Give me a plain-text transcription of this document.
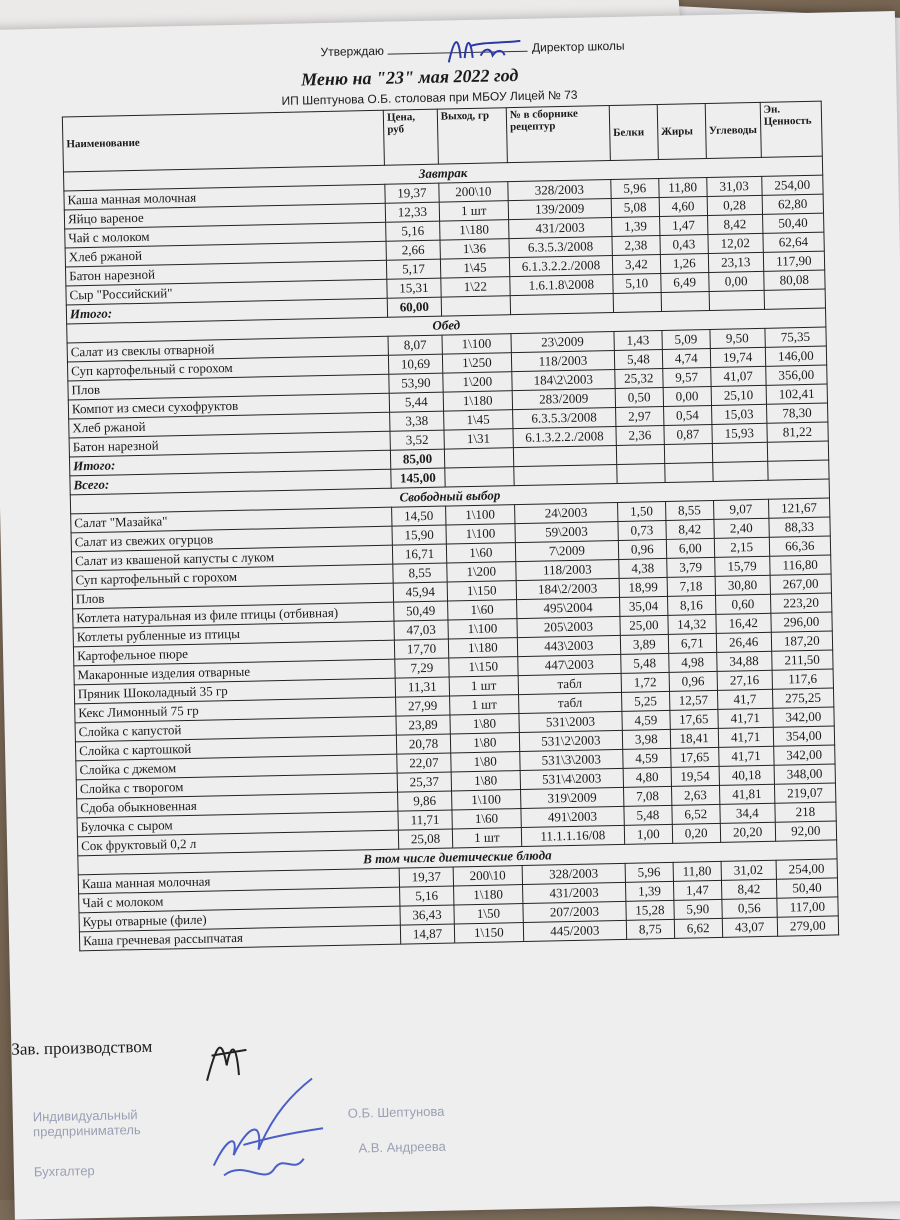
Утверждаю	Директор школы
Меню на "23" мая 2022 год
ИП Шептунова О.Б. столовая при МБОУ Лицей № 73
Наименование	Цена, руб	Выход, гр	№ в сборнике рецептур	Белки	Жиры	Углеводы	Эн. Ценность
Завтрак							
Каша манная молочная	19,37	200\10	328/2003	5,96	11,80	31,03	254,00
Яйцо вареное	12,33	1 шт	139/2009	5,08	4,60	0,28	62,80
Чай с молоком	5,16	1\180	431/2003	1,39	1,47	8,42	50,40
Хлеб ржаной	2,66	1\36	6.3.5.3/2008	2,38	0,43	12,02	62,64
Батон нарезной	5,17	1\45	6.1.3.2.2./2008	3,42	1,26	23,13	117,90
Сыр "Российский"	15,31	1\22	1.6.1.8\2008	5,10	6,49	0,00	80,08
Итого:	60,00						
Обед							
Салат из свеклы отварной	8,07	1\100	23\2009	1,43	5,09	9,50	75,35
Суп картофельный с горохом	10,69	1\250	118/2003	5,48	4,74	19,74	146,00
Плов	53,90	1\200	184\2\2003	25,32	9,57	41,07	356,00
Компот из смеси сухофруктов	5,44	1\180	283/2009	0,50	0,00	25,10	102,41
Хлеб ржаной	3,38	1\45	6.3.5.3/2008	2,97	0,54	15,03	78,30
Батон нарезной	3,52	1\31	6.1.3.2.2./2008	2,36	0,87	15,93	81,22
Итого:	85,00						
Всего:	145,00						
Свободный выбор							
Салат "Мазайка"	14,50	1\100	24\2003	1,50	8,55	9,07	121,67
Салат из свежих огурцов	15,90	1\100	59\2003	0,73	8,42	2,40	88,33
Салат из квашеной капусты с луком	16,71	1\60	7\2009	0,96	6,00	2,15	66,36
Суп картофельный с горохом	8,55	1\200	118/2003	4,38	3,79	15,79	116,80
Плов	45,94	1\150	184\2/2003	18,99	7,18	30,80	267,00
Котлета натуральная из филе птицы (отбивная)	50,49	1\60	495\2004	35,04	8,16	0,60	223,20
Котлеты рубленные из птицы	47,03	1\100	205\2003	25,00	14,32	16,42	296,00
Картофельное пюре	17,70	1\180	443\2003	3,89	6,71	26,46	187,20
Макаронные изделия отварные	7,29	1\150	447\2003	5,48	4,98	34,88	211,50
Пряник Шоколадный 35 гр	11,31	1 шт	табл	1,72	0,96	27,16	117,6
Кекс Лимонный 75 гр	27,99	1 шт	табл	5,25	12,57	41,7	275,25
Слойка с капустой	23,89	1\80	531\2003	4,59	17,65	41,71	342,00
Слойка с картошкой	20,78	1\80	531\2\2003	3,98	18,41	41,71	354,00
Слойка с джемом	22,07	1\80	531\3\2003	4,59	17,65	41,71	342,00
Слойка с творогом	25,37	1\80	531\4\2003	4,80	19,54	40,18	348,00
Сдоба обыкновенная	9,86	1\100	319\2009	7,08	2,63	41,81	219,07
Булочка с сыром	11,71	1\60	491\2003	5,48	6,52	34,4	218
Сок фруктовый 0,2 л	25,08	1 шт	11.1.1.16/08	1,00	0,20	20,20	92,00
В том числе диетические блюда							
Каша манная молочная	19,37	200\10	328/2003	5,96	11,80	31,02	254,00
Чай с молоком	5,16	1\180	431/2003	1,39	1,47	8,42	50,40
Куры отварные (филе)	36,43	1\50	207/2003	15,28	5,90	0,56	117,00
Каша гречневая рассыпчатая	14,87	1\150	445/2003	8,75	6,62	43,07	279,00
Зав. производством
Индивидуальный предприниматель
О.Б. Шептунова
Бухгалтер
А.В. Андреева
